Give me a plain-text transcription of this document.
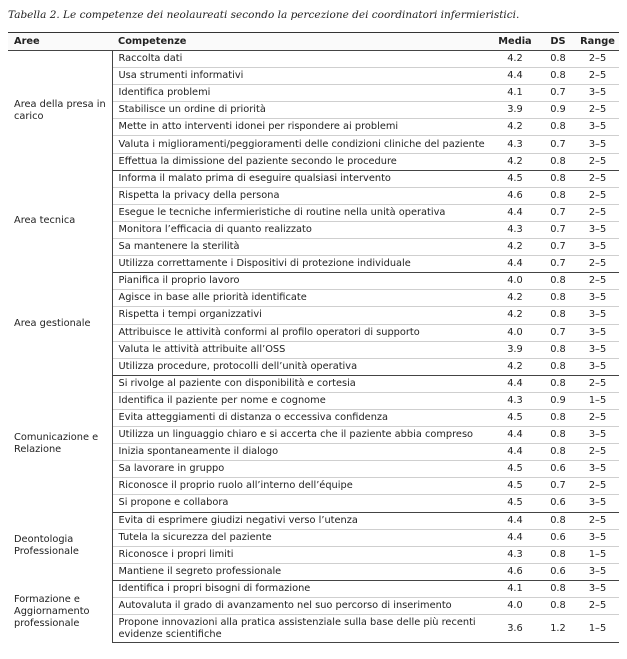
Tabella 2. Le competenze dei neolaureati secondo la percezione dei coordinatori infermieristici.
Aree	Competenze	Media	DS	Range
Area della presa in carico	Raccolta dati	4.2	0.8	2–5
	Usa strumenti informativi	4.4	0.8	2–5
	Identifica problemi	4.1	0.7	3–5
	Stabilisce un ordine di priorità	3.9	0.9	2–5
	Mette in atto interventi idonei per rispondere ai problemi	4.2	0.8	3–5
	Valuta i miglioramenti/peggioramenti delle condizioni cliniche del paziente	4.3	0.7	3–5
	Effettua la dimissione del paziente secondo le procedure	4.2	0.8	2–5
Area tecnica	Informa il malato prima di eseguire qualsiasi intervento	4.5	0.8	2–5
	Rispetta la privacy della persona	4.6	0.8	2–5
	Esegue le tecniche infermieristiche di routine nella unità operativa	4.4	0.7	2–5
	Monitora l’efficacia di quanto realizzato	4.3	0.7	3–5
	Sa mantenere la sterilità	4.2	0.7	3–5
	Utilizza correttamente i Dispositivi di protezione individuale	4.4	0.7	2–5
Area gestionale	Pianifica il proprio lavoro	4.0	0.8	2–5
	Agisce in base alle priorità identificate	4.2	0.8	3–5
	Rispetta i tempi organizzativi	4.2	0.8	3–5
	Attribuisce le attività conformi al profilo operatori di supporto	4.0	0.7	3–5
	Valuta le attività attribuite all’OSS	3.9	0.8	3–5
	Utilizza procedure, protocolli dell’unità operativa	4.2	0.8	3–5
Comunicazione e Relazione	Si rivolge al paziente con disponibilità e cortesia	4.4	0.8	2–5
	Identifica il paziente per nome e cognome	4.3	0.9	1–5
	Evita atteggiamenti di distanza o eccessiva confidenza	4.5	0.8	2–5
	Utilizza un linguaggio chiaro e si accerta che il paziente abbia compreso	4.4	0.8	3–5
	Inizia spontaneamente il dialogo	4.4	0.8	2–5
	Sa lavorare in gruppo	4.5	0.6	3–5
	Riconosce il proprio ruolo all’interno dell’équipe	4.5	0.7	2–5
	Si propone e collabora	4.5	0.6	3–5
Deontologia Professionale	Evita di esprimere giudizi negativi verso l’utenza	4.4	0.8	2–5
	Tutela la sicurezza del paziente	4.4	0.6	3–5
	Riconosce i propri limiti	4.3	0.8	1–5
	Mantiene il segreto professionale	4.6	0.6	3–5
Formazione e Aggiornamento professionale	Identifica i propri bisogni di formazione	4.1	0.8	3–5
	Autovaluta il grado di avanzamento nel suo percorso di inserimento	4.0	0.8	2–5
	Propone innovazioni alla pratica assistenziale sulla base delle più recenti evidenze scientifiche	3.6	1.2	1–5
